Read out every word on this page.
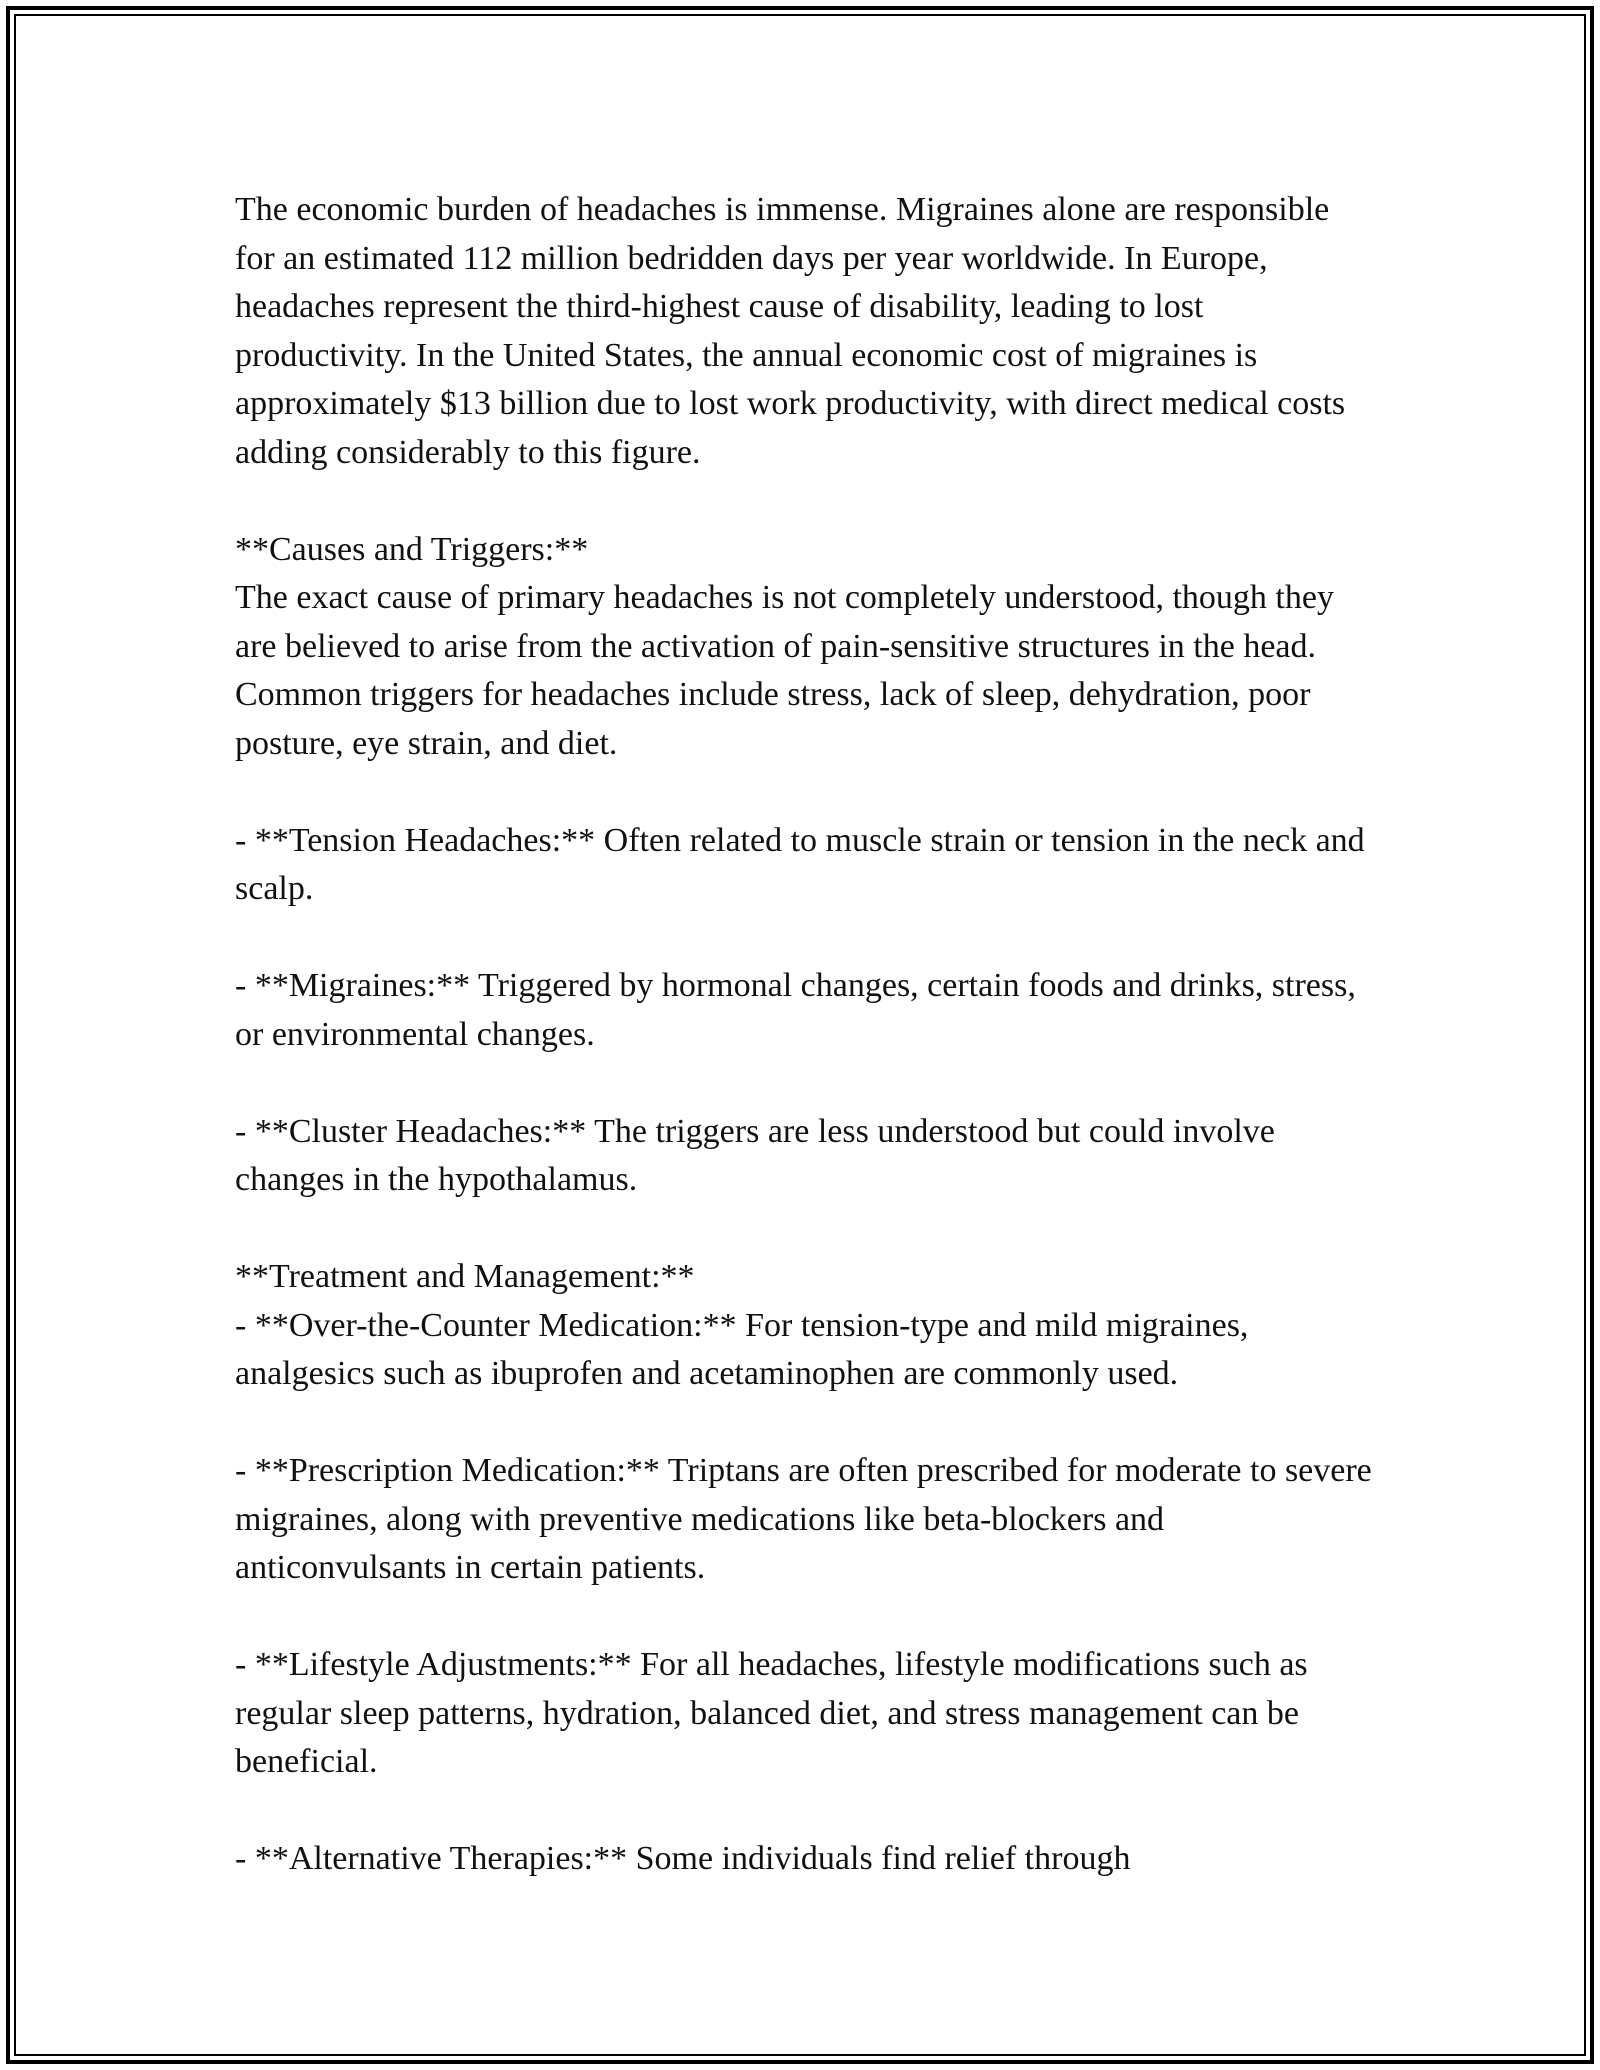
The economic burden of headaches is immense. Migraines alone are responsible for an estimated 112 million bedridden days per year worldwide. In Europe, headaches represent the third-highest cause of disability, leading to lost productivity. In the United States, the annual economic cost of migraines is approximately $13 billion due to lost work productivity, with direct medical costs adding considerably to this figure.

**Causes and Triggers:**

The exact cause of primary headaches is not completely understood, though they are believed to arise from the activation of pain-sensitive structures in the head. Common triggers for headaches include stress, lack of sleep, dehydration, poor posture, eye strain, and diet.

- **Tension Headaches:** Often related to muscle strain or tension in the neck and scalp.

- **Migraines:** Triggered by hormonal changes, certain foods and drinks, stress, or environmental changes.

- **Cluster Headaches:** The triggers are less understood but could involve changes in the hypothalamus.

**Treatment and Management:**

- **Over-the-Counter Medication:** For tension-type and mild migraines, analgesics such as ibuprofen and acetaminophen are commonly used.

- **Prescription Medication:** Triptans are often prescribed for moderate to severe migraines, along with preventive medications like beta-blockers and anticonvulsants in certain patients.

- **Lifestyle Adjustments:** For all headaches, lifestyle modifications such as regular sleep patterns, hydration, balanced diet, and stress management can be beneficial.

- **Alternative Therapies:** Some individuals find relief through
